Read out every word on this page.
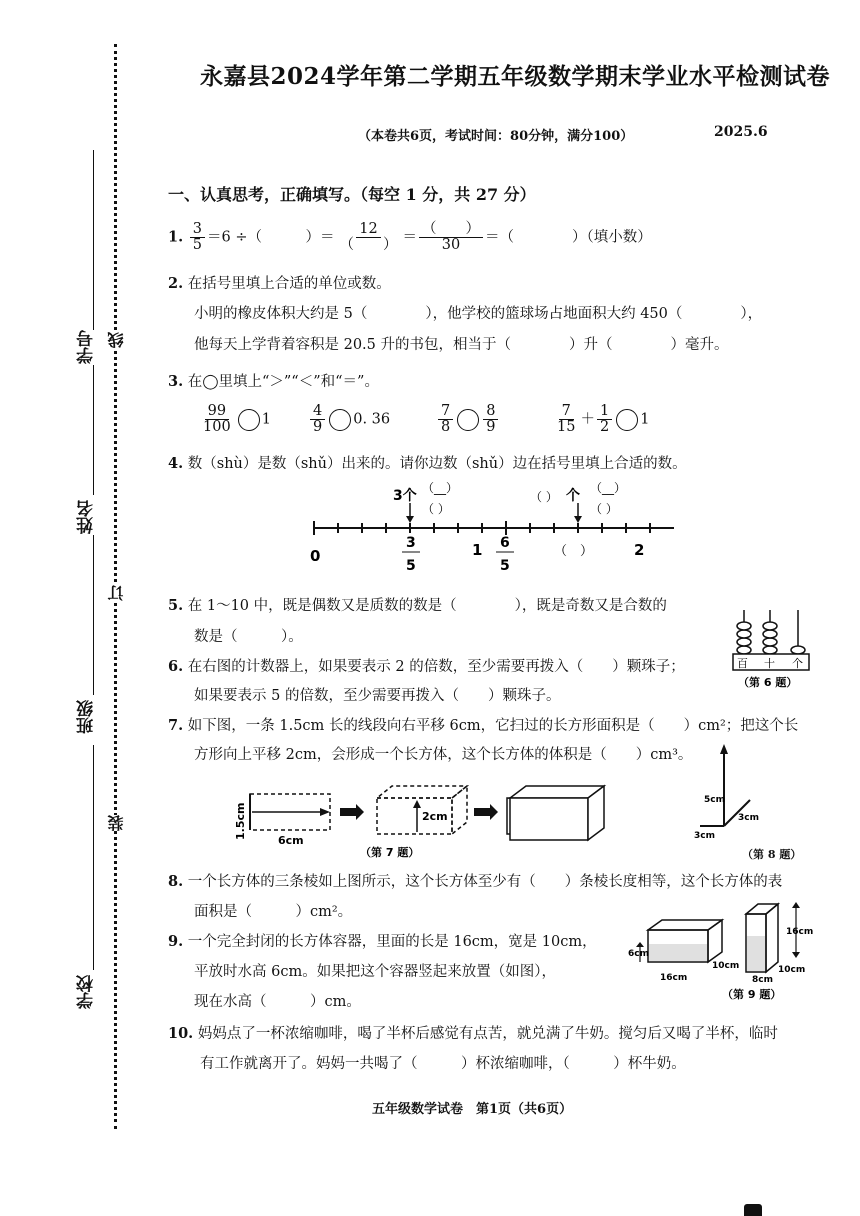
学号
姓名
班级
学校
线
订
装
永嘉县2024学年第二学期五年级数学期末学业水平检测试卷
（本卷共6页，考试时间：80分钟，满分100）	2025.6
一、认真思考，正确填写。（每空 1 分，共 27 分）
1. $\frac{3}{5} =6$ ÷（　　　）＝ $\frac{12}{( )} = \frac{( )}{30}$ ＝（　　　　）（填小数）
2. 在括号里填上合适的单位或数。
小明的橡皮体积大约是 5（　　　　），他学校的篮球场占地面积大约 450（　　　　），
他每天上学背着容积是 20.5 升的书包，相当于（　　　　）升（　　　　）毫升。
3. 在◯里填上“＞”“＜”和“＝”。
$\frac{99}{100} 1$	$\frac{4}{9} 0$. 36	$\frac{7}{8} \frac{8}{9}$	$\frac{7}{15} + \frac{1}{2} 1$
4. 数（shù）是数（shǔ）出来的。请你边数（shǔ）边在括号里填上合适的数。
0	1	2
3
5
6
5
（　）
3个 （__）
（ ）
（ ） 个 （__）
（ ）
5. 在 1～10 中，既是偶数又是质数的数是（　　　　），既是奇数又是合数的
数是（　　　）。
百 十 个
（第 6 题）
6. 在右图的计数器上，如果要表示 2 的倍数，至少需要再拨入（　　）颗珠子；
如果要表示 5 的倍数，至少需要再拨入（　　）颗珠子。
7. 如下图，一条 1.5cm 长的线段向右平移 6cm，它扫过的长方形面积是（　　）cm²；把这个长
方形向上平移 2cm，会形成一个长方体，这个长方体的体积是（　　）cm³。
1.5cm
6cm
2cm
（第 7 题）
5cm
3cm
3cm
（第 8 题）
8. 一个长方体的三条棱如上图所示，这个长方体至少有（　　）条棱长度相等，这个长方体的表
面积是（　　　）cm²。
9. 一个完全封闭的长方体容器，里面的长是 16cm，宽是 10cm，
平放时水高 6cm。如果把这个容器竖起来放置（如图），
现在水高（　　　）cm。
6cm
16cm
10cm
16cm
8cm
10cm
（第 9 题）
10. 妈妈点了一杯浓缩咖啡，喝了半杯后感觉有点苦，就兑满了牛奶。搅匀后又喝了半杯，临时
有工作就离开了。妈妈一共喝了（　　　）杯浓缩咖啡，（　　　）杯牛奶。
五年级数学试卷　第1页（共6页）
